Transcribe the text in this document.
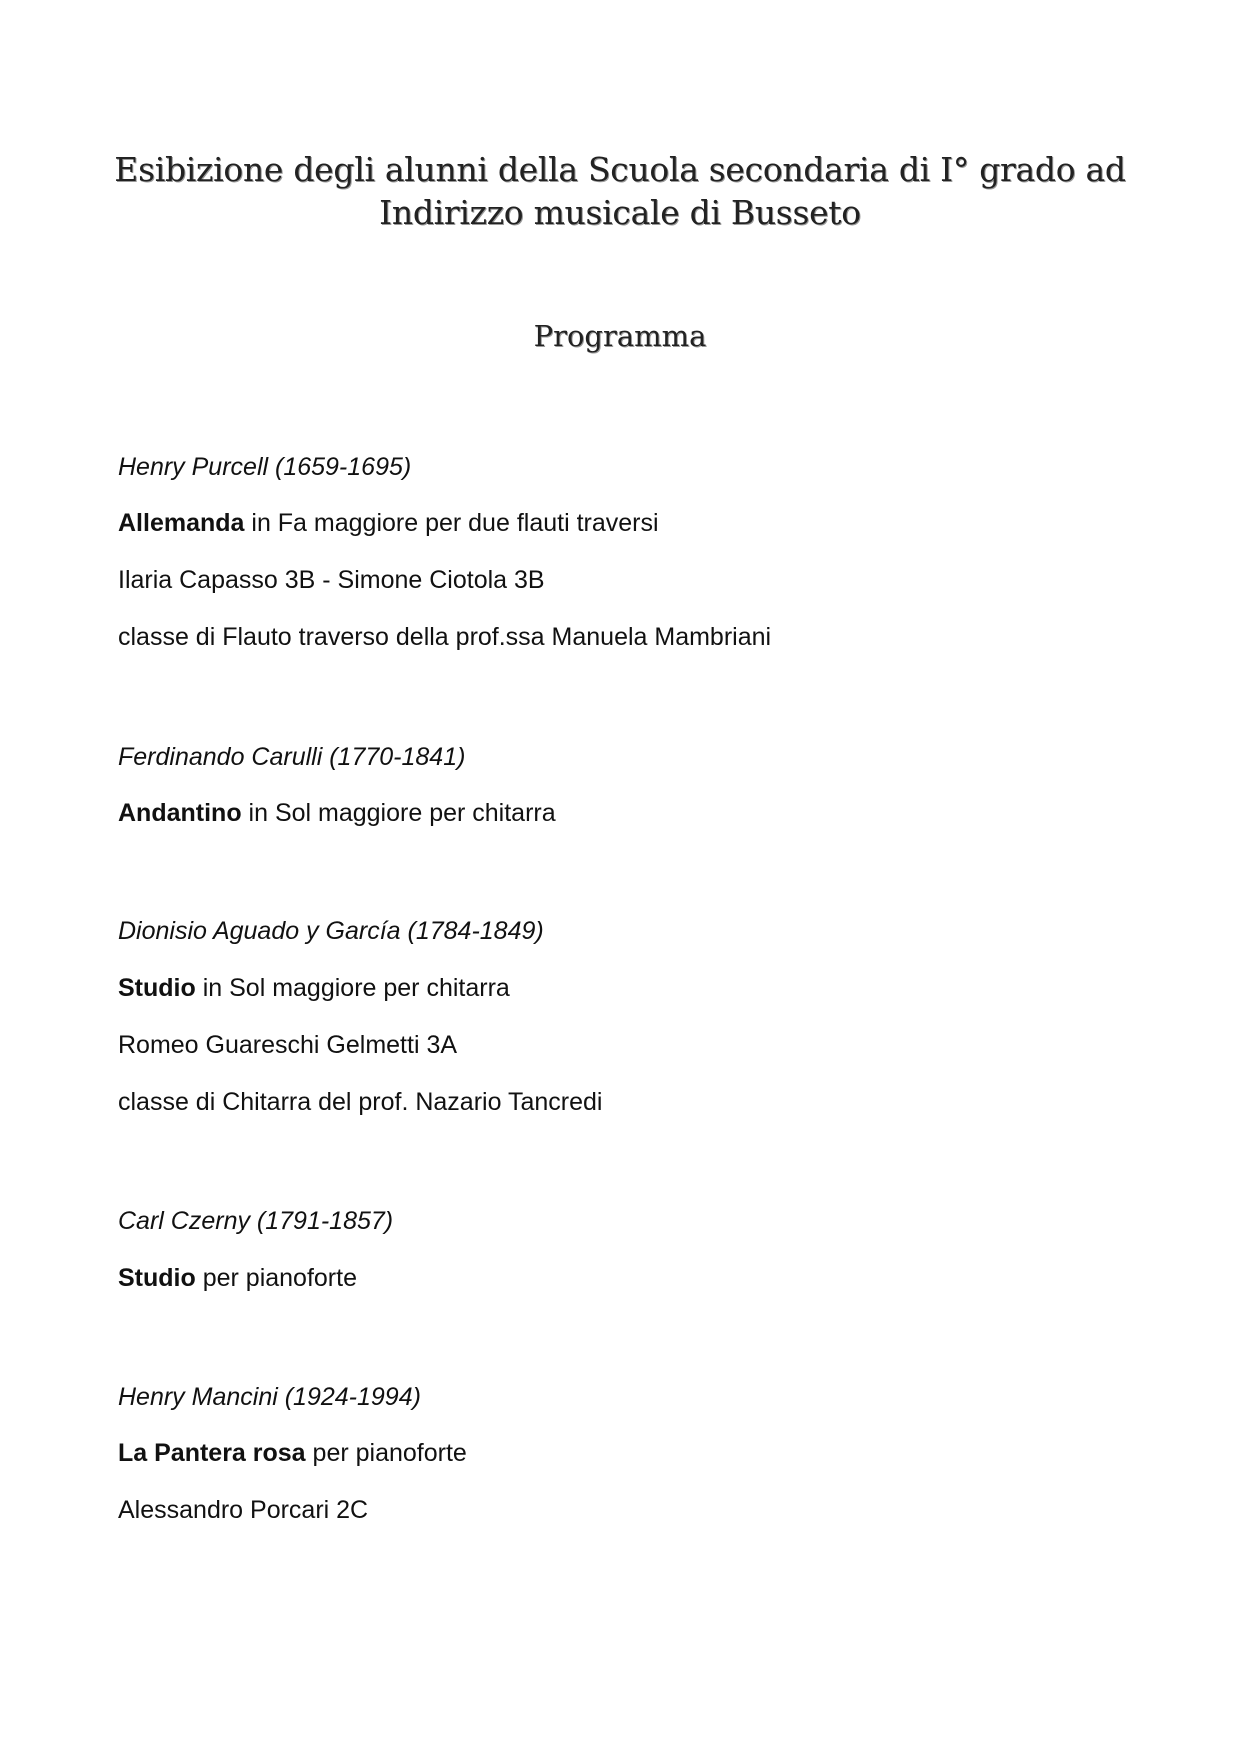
Esibizione degli alunni della Scuola secondaria di I° grado ad
Indirizzo musicale di Busseto
Programma
Henry Purcell (1659-1695)
Allemanda in Fa maggiore per due flauti traversi
Ilaria Capasso 3B - Simone Ciotola 3B
classe di Flauto traverso della prof.ssa Manuela Mambriani
Ferdinando Carulli (1770-1841)
Andantino in Sol maggiore per chitarra
Dionisio Aguado y García (1784-1849)
Studio in Sol maggiore per chitarra
Romeo Guareschi Gelmetti 3A
classe di Chitarra del prof. Nazario Tancredi
Carl Czerny (1791-1857)
Studio per pianoforte
Henry Mancini (1924-1994)
La Pantera rosa per pianoforte
Alessandro Porcari 2C
